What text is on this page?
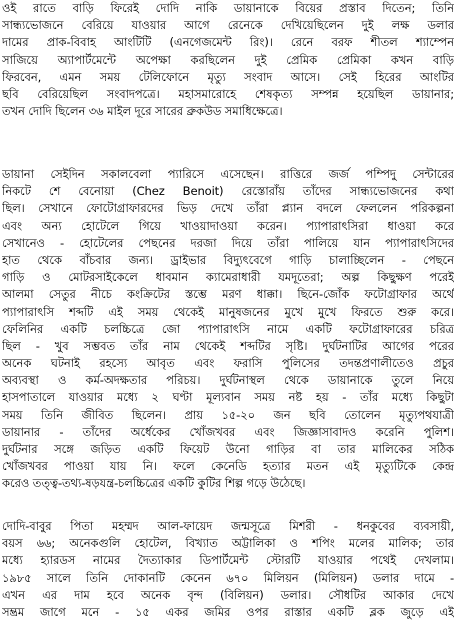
ওই রাতে বাড়ি ফিরেই দোদি নাকি ডায়ানাকে বিয়ের প্রস্তাব দিতেন; তিনি
সান্ধ্যভোজনে বেরিয়ে যাওয়ার আগে রেনেকে দেখিয়েছিলেন দুই লক্ষ ডলার
দামের প্রাক-বিবাহ আংটিটি (এনগেজমেন্ট রিং)। রেনে বরফ শীতল শ্যাম্পেন
সাজিয়ে অ্যাপার্টমেন্টে অপেক্ষা করছিলেন দুই প্রেমিক প্রেমিকা কখন বাড়ি
ফিরবেন, এমন সময় টেলিফোনে মৃত্যু সংবাদ আসে। সেই হিরের আংটির
ছবি বেরিয়েছিল সংবাদপত্রে। মহাসমারোহে শেষকৃত্য সম্পন্ন হয়েছিল ডায়ানার;
তখন দোদি ছিলেন ৩৬ মাইল দূরে সারের ব্রুকউড সমাধিক্ষেত্রে।
ডায়ানা সেইদিন সকালবেলা প্যারিসে এসেছেন। রাত্তিরে জর্জ পম্পিদু সেন্টারের
নিকটে শে বেনোয়া (Chez Benoit) রেস্তোরাঁয় তাঁদের সান্ধ্যভোজনের কথা
ছিল। সেখানে ফোটোগ্রাফারদের ভিড় দেখে তাঁরা প্ল্যান বদলে ফেললেন পরিকল্পনা
এবং অন্য হোটেলে গিয়ে খাওয়াদাওয়া করেন। প্যাপারাৎসিরা ধাওয়া করে
সেখানেও - হোটেলের পেছনের দরজা দিয়ে তাঁরা পালিয়ে যান প্যাপারাৎসিদের
হাত থেকে বাঁচবার জন্য। ড্রাইভার বিদ্যুৎবেগে গাড়ি চালাচ্ছিলেন - পেছনে
গাড়ি ও মোটরসাইকেলে ধাবমান ক্যামেরাধারী যমদূতেরা; অল্প কিছুক্ষণ পরেই
আলমা সেতুর নীচে কংক্রিটের স্তম্ভে মরণ ধাক্কা। ছিনে-জোঁক ফটোগ্রাফার অর্থে
প্যাপারাৎসি শব্দটি এই সময় থেকেই মানুষজনের মুখে মুখে ফিরতে শুরু করে।
ফেলিনির একটি চলচ্চিত্রে জো প্যাপারাৎসি নামে একটি ফটোগ্রাফারের চরিত্র
ছিল - খুব সম্ভবত তাঁর নাম থেকেই শব্দটির সৃষ্টি। দুর্ঘটনাটির আগের পরের
অনেক ঘটনাই রহস্যে আবৃত এবং ফরাসি পুলিসের তদন্তপ্রণালীতেও প্রচুর
অব্যবস্থা ও কর্ম-অদক্ষতার পরিচয়। দুর্ঘটনাস্থল থেকে ডায়ানাকে তুলে নিয়ে
হাসপাতালে যাওয়ার মধ্যে ২ ঘণ্টা মূল্যবান সময় নষ্ট হয় - তাঁর মধ্যে কিছুটা
সময় তিনি জীবিত ছিলেন। প্রায় ১৫-২০ জন ছবি তোলেন মৃত্যুপথযাত্রী
ডায়ানার - তাঁদের অর্ধেকের খোঁজখবর এবং জিজ্ঞাসাবাদও করেনি পুলিশ।
দুর্ঘটনার সঙ্গে জড়িত একটি ফিয়েট উনো গাড়ির বা তার মালিকের সঠিক
খোঁজখবর পাওয়া যায় নি। ফলে কেনেডি হত্যার মতন এই মৃত্যুটিকে কেন্দ্র
করেও তত্ত্ব-তথ্য-ষড়যন্ত্র-চলচ্চিত্রের একটি কুটির শিল্প গড়ে উঠেছে।
দোদি-বাবুর পিতা মহম্মদ আল-ফায়েদ জন্মসূত্রে মিশরী - ধনকুবের ব্যবসায়ী,
বয়স ৬৬; অনেকগুলি হোটেল, বিখ্যাত অট্টালিকা ও শপিং মলের মালিক; তার
মধ্যে হ্যারডস নামের দৈত্যাকার ডিপার্টমেন্ট স্টোরটি যাওয়ার পথেই দেখলাম।
১৯৮৫ সালে তিনি দোকানটি কেনেন ৬৭০ মিলিয়ন (মিলিয়ন) ডলার দামে -
এখন এর দাম হবে অনেক বৃন্দ (বিলিয়ন) ডলার। সৌধটির আকার দেখে
সম্ভ্রম জাগে মনে - ১৫ একর জমির ওপর রাস্তার একটি ব্লক জুড়ে এই
